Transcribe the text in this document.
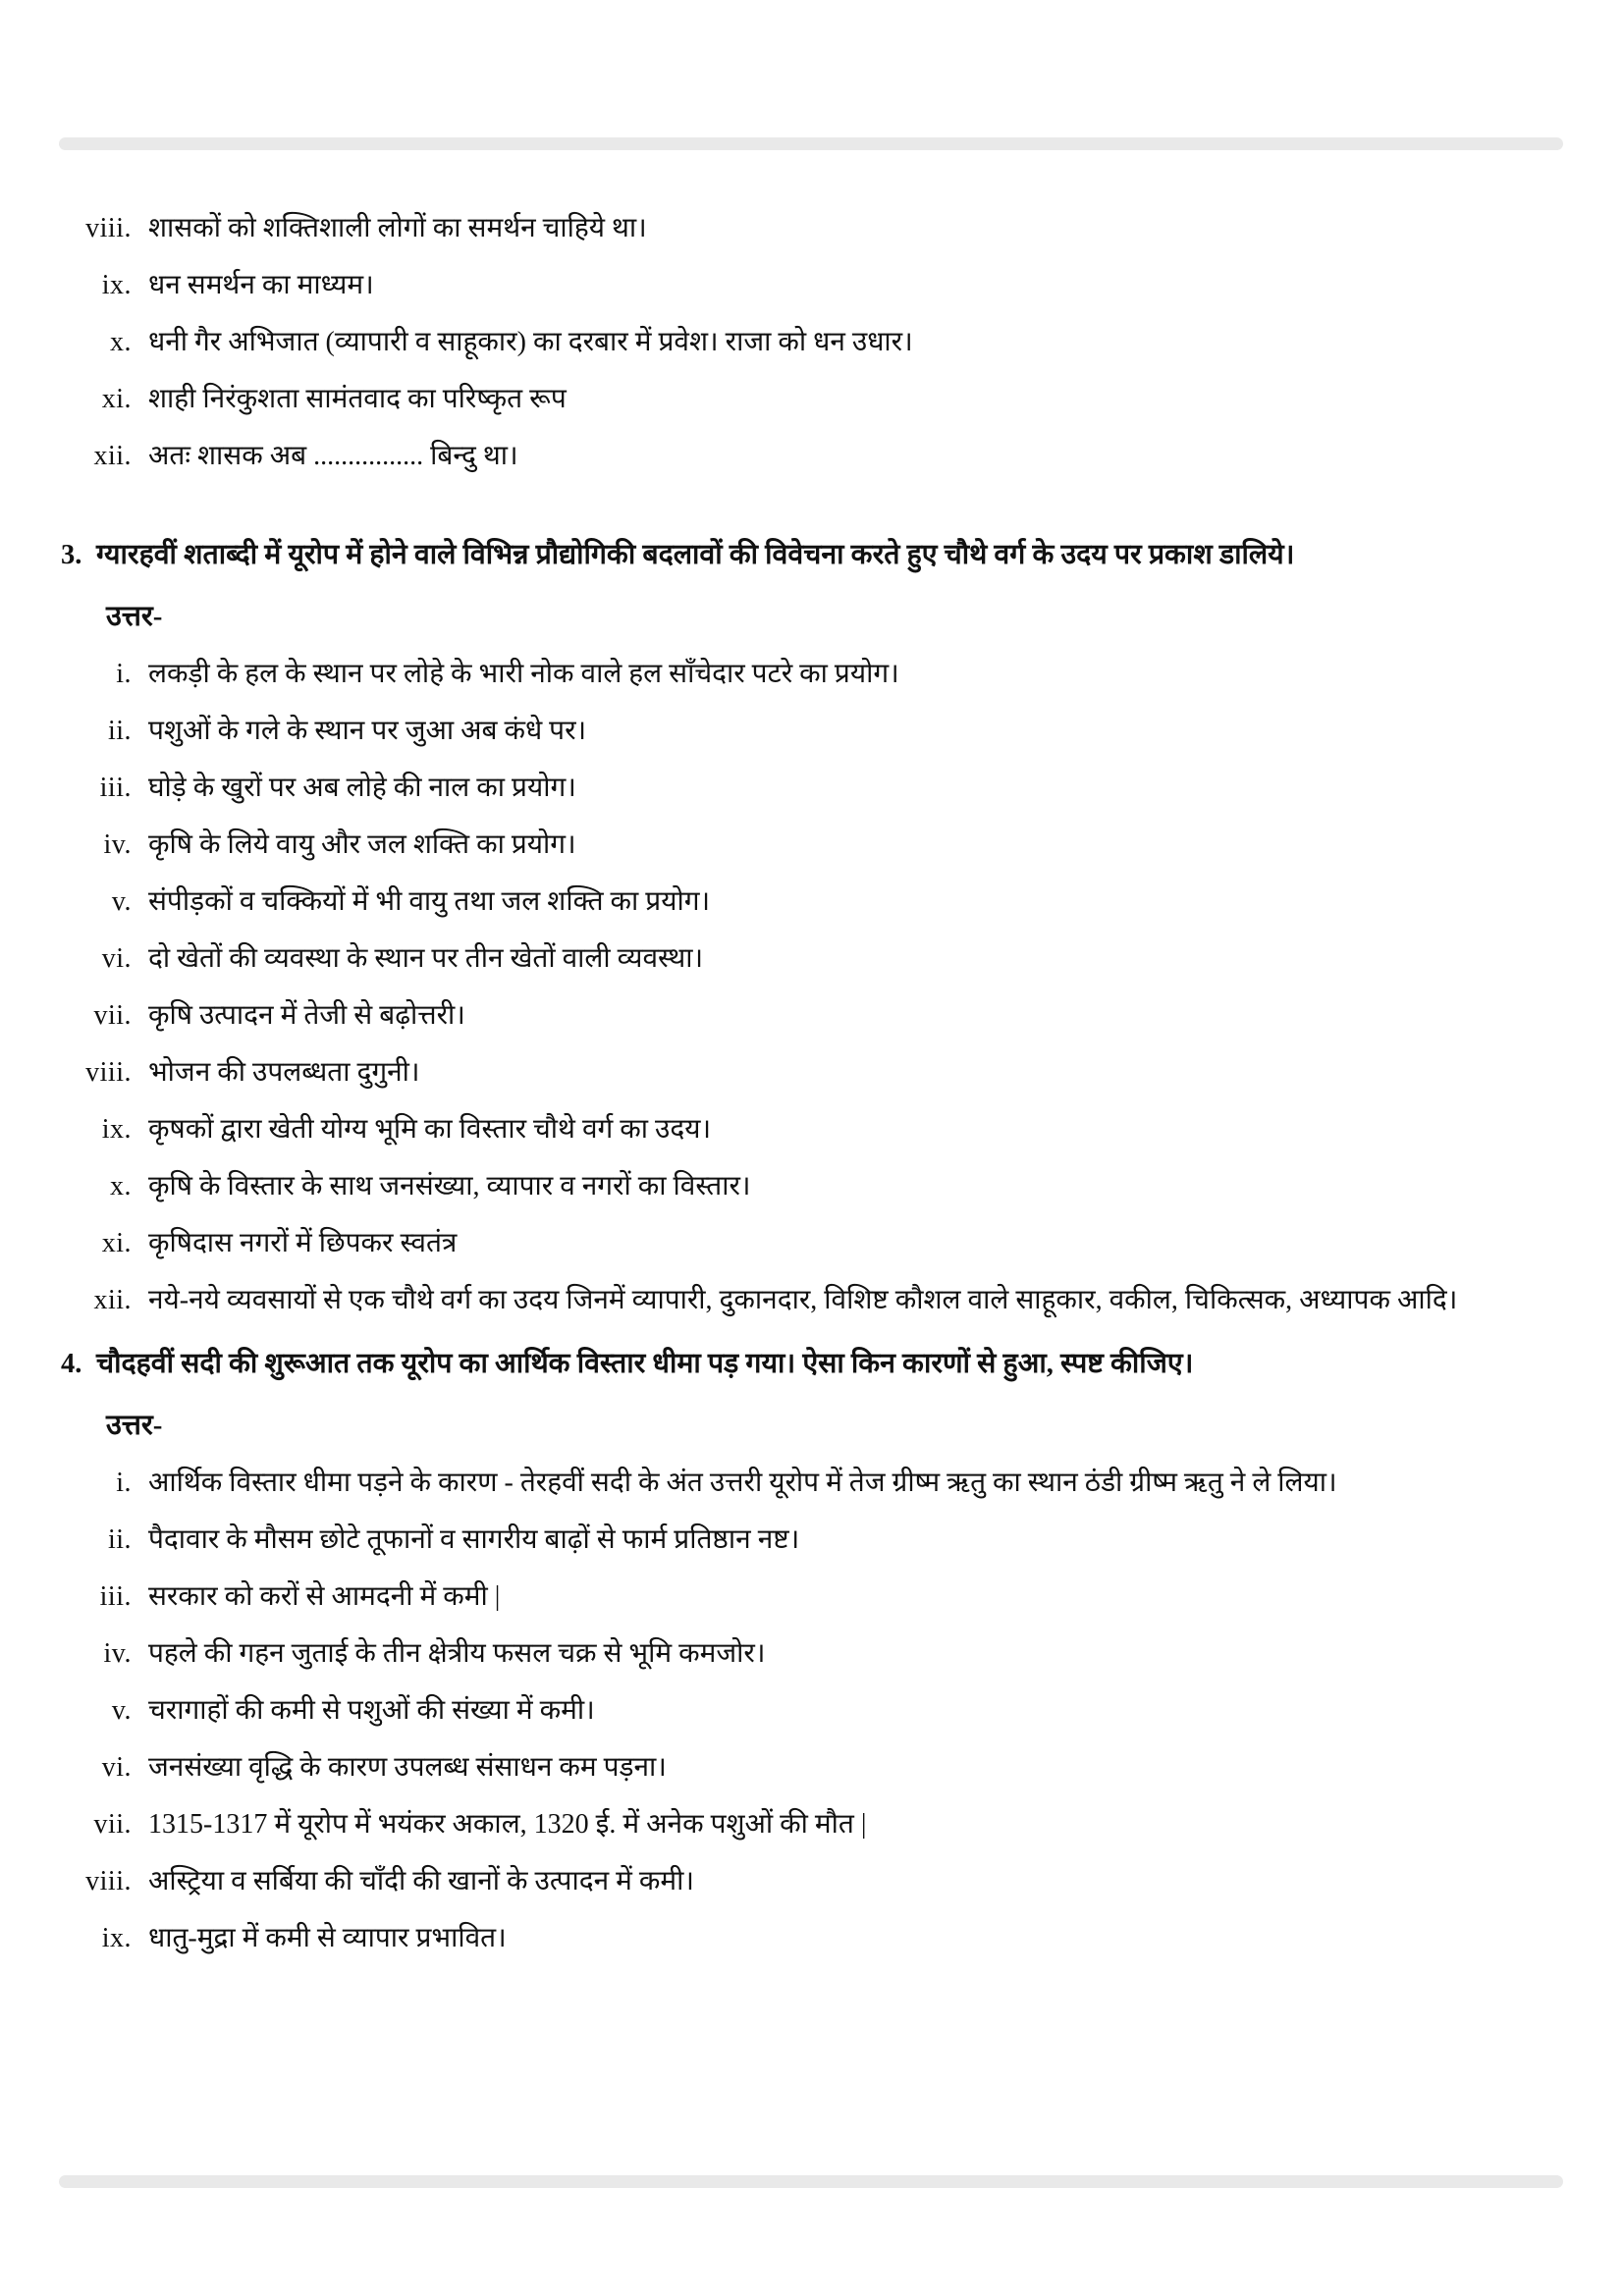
viii. शासकों को शक्तिशाली लोगों का समर्थन चाहिये था।
ix. धन समर्थन का माध्यम।
x. धनी गैर अभिजात (व्यापारी व साहूकार) का दरबार में प्रवेश। राजा को धन उधार।
xi. शाही निरंकुशता सामंतवाद का परिष्कृत रूप
xii. अतः शासक अब ................ बिन्दु था।
3. ग्यारहवीं शताब्दी में यूरोप में होने वाले विभिन्न प्रौद्योगिकी बदलावों की विवेचना करते हुए चौथे वर्ग के उदय पर प्रकाश डालिये।
उत्तर-
i. लकड़ी के हल के स्थान पर लोहे के भारी नोक वाले हल साँचेदार पटरे का प्रयोग।
ii. पशुओं के गले के स्थान पर जुआ अब कंधे पर।
iii. घोड़े के खुरों पर अब लोहे की नाल का प्रयोग।
iv. कृषि के लिये वायु और जल शक्ति का प्रयोग।
v. संपीड़कों व चक्कियों में भी वायु तथा जल शक्ति का प्रयोग।
vi. दो खेतों की व्यवस्था के स्थान पर तीन खेतों वाली व्यवस्था।
vii. कृषि उत्पादन में तेजी से बढ़ोत्तरी।
viii. भोजन की उपलब्धता दुगुनी।
ix. कृषकों द्वारा खेती योग्य भूमि का विस्तार चौथे वर्ग का उदय।
x. कृषि के विस्तार के साथ जनसंख्या, व्यापार व नगरों का विस्तार।
xi. कृषिदास नगरों में छिपकर स्वतंत्र
xii. नये-नये व्यवसायों से एक चौथे वर्ग का उदय जिनमें व्यापारी, दुकानदार, विशिष्ट कौशल वाले साहूकार, वकील, चिकित्सक, अध्यापक आदि।
4. चौदहवीं सदी की शुरूआत तक यूरोप का आर्थिक विस्तार धीमा पड़ गया। ऐसा किन कारणों से हुआ, स्पष्ट कीजिए।
उत्तर-
i. आर्थिक विस्तार धीमा पड़ने के कारण - तेरहवीं सदी के अंत उत्तरी यूरोप में तेज ग्रीष्म ऋतु का स्थान ठंडी ग्रीष्म ऋतु ने ले लिया।
ii. पैदावार के मौसम छोटे तूफानों व सागरीय बाढ़ों से फार्म प्रतिष्ठान नष्ट।
iii. सरकार को करों से आमदनी में कमी |
iv. पहले की गहन जुताई के तीन क्षेत्रीय फसल चक्र से भूमि कमजोर।
v. चरागाहों की कमी से पशुओं की संख्या में कमी।
vi. जनसंख्या वृद्धि के कारण उपलब्ध संसाधन कम पड़ना।
vii. 1315-1317 में यूरोप में भयंकर अकाल, 1320 ई. में अनेक पशुओं की मौत |
viii. अस्ट्रिया व सर्बिया की चाँदी की खानों के उत्पादन में कमी।
ix. धातु-मुद्रा में कमी से व्यापार प्रभावित।
